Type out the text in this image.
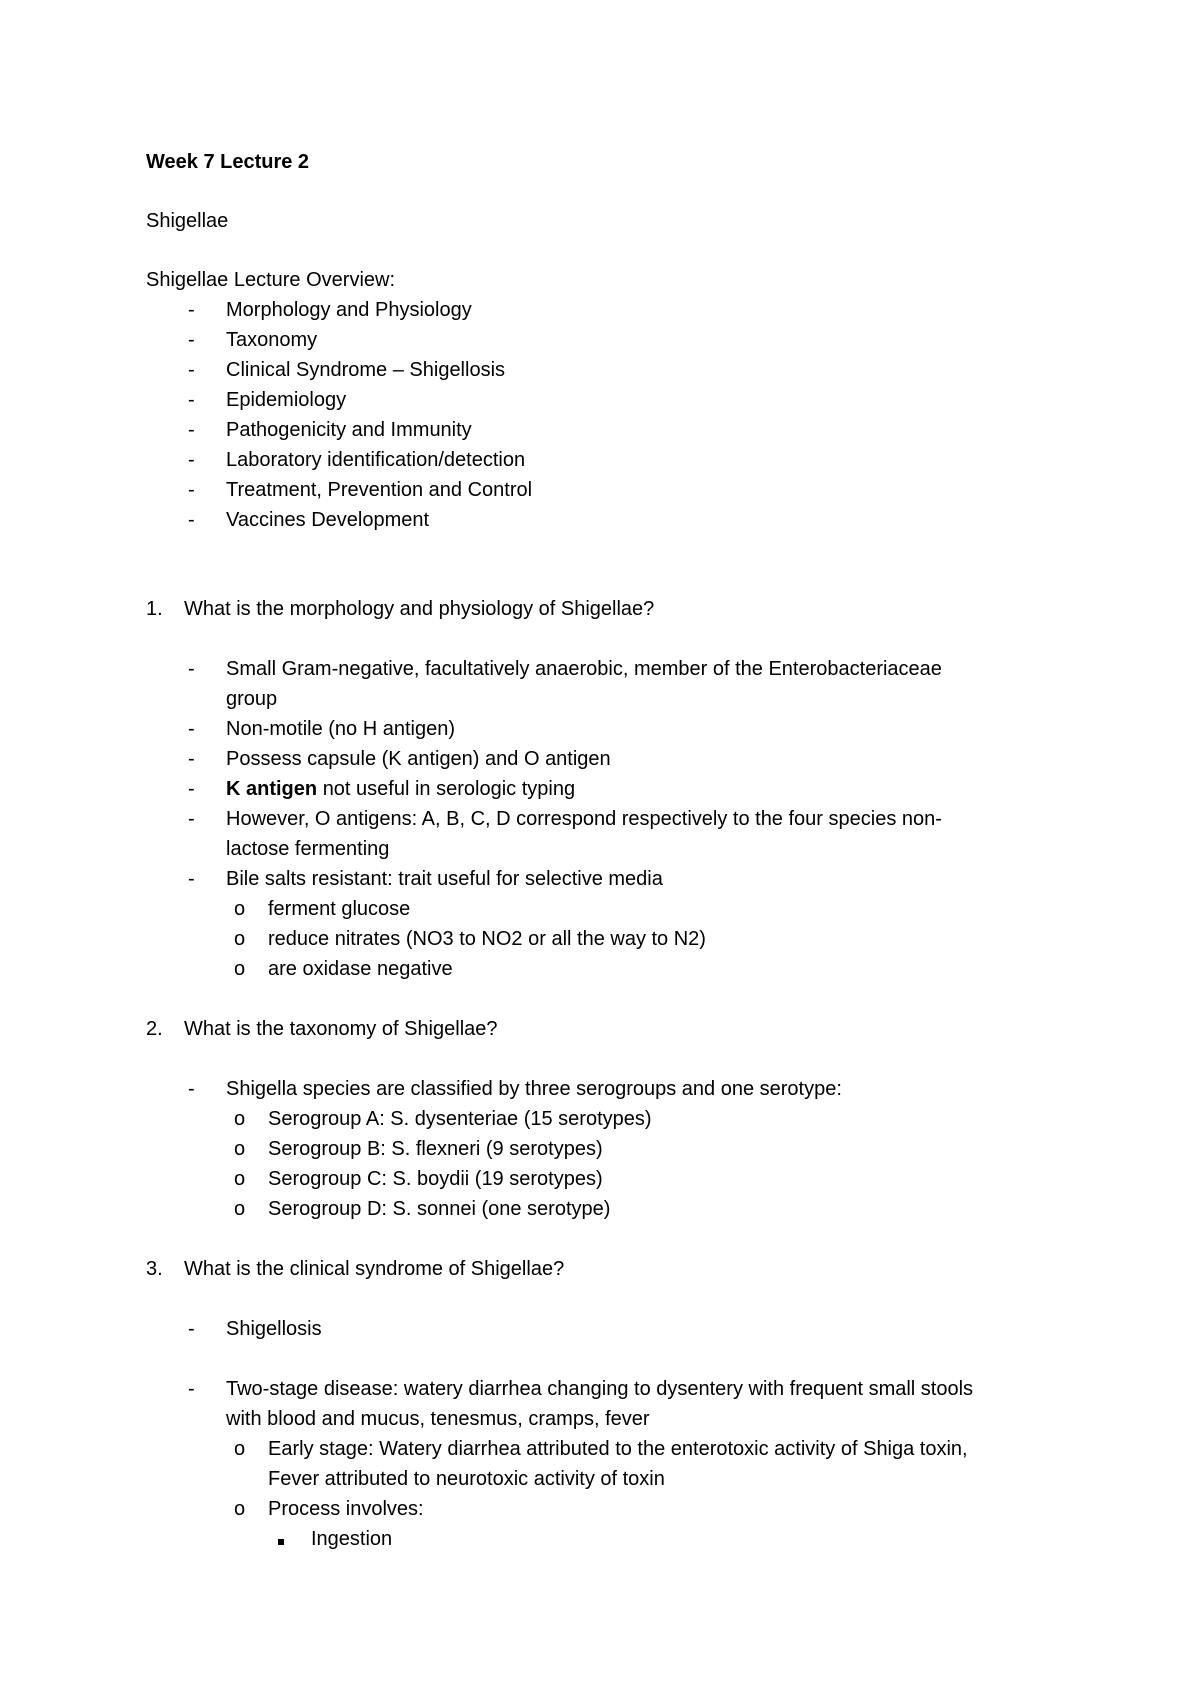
Week 7 Lecture 2
Shigellae
Shigellae Lecture Overview:
-	Morphology and Physiology
-	Taxonomy
-	Clinical Syndrome – Shigellosis
-	Epidemiology
-	Pathogenicity and Immunity
-	Laboratory identification/detection
-	Treatment, Prevention and Control
-	Vaccines Development
1. What is the morphology and physiology of Shigellae?
-	Small Gram-negative, facultatively anaerobic, member of the Enterobacteriaceae
group
-	Non-motile (no H antigen)
-	Possess capsule (K antigen) and O antigen
-	K antigen not useful in serologic typing
-	However, O antigens: A, B, C, D correspond respectively to the four species non-
lactose fermenting
-	Bile salts resistant: trait useful for selective media
o ferment glucose
o reduce nitrates (NO3 to NO2 or all the way to N2)
o are oxidase negative
2. What is the taxonomy of Shigellae?
-	Shigella species are classified by three serogroups and one serotype:
o Serogroup A: S. dysenteriae (15 serotypes)
o Serogroup B: S. flexneri (9 serotypes)
o Serogroup C: S. boydii (19 serotypes)
o Serogroup D: S. sonnei (one serotype)
3. What is the clinical syndrome of Shigellae?
-	Shigellosis
-	Two-stage disease: watery diarrhea changing to dysentery with frequent small stools
with blood and mucus, tenesmus, cramps, fever
o Early stage: Watery diarrhea attributed to the enterotoxic activity of Shiga toxin,
Fever attributed to neurotoxic activity of toxin
o Process involves:
Ingestion
